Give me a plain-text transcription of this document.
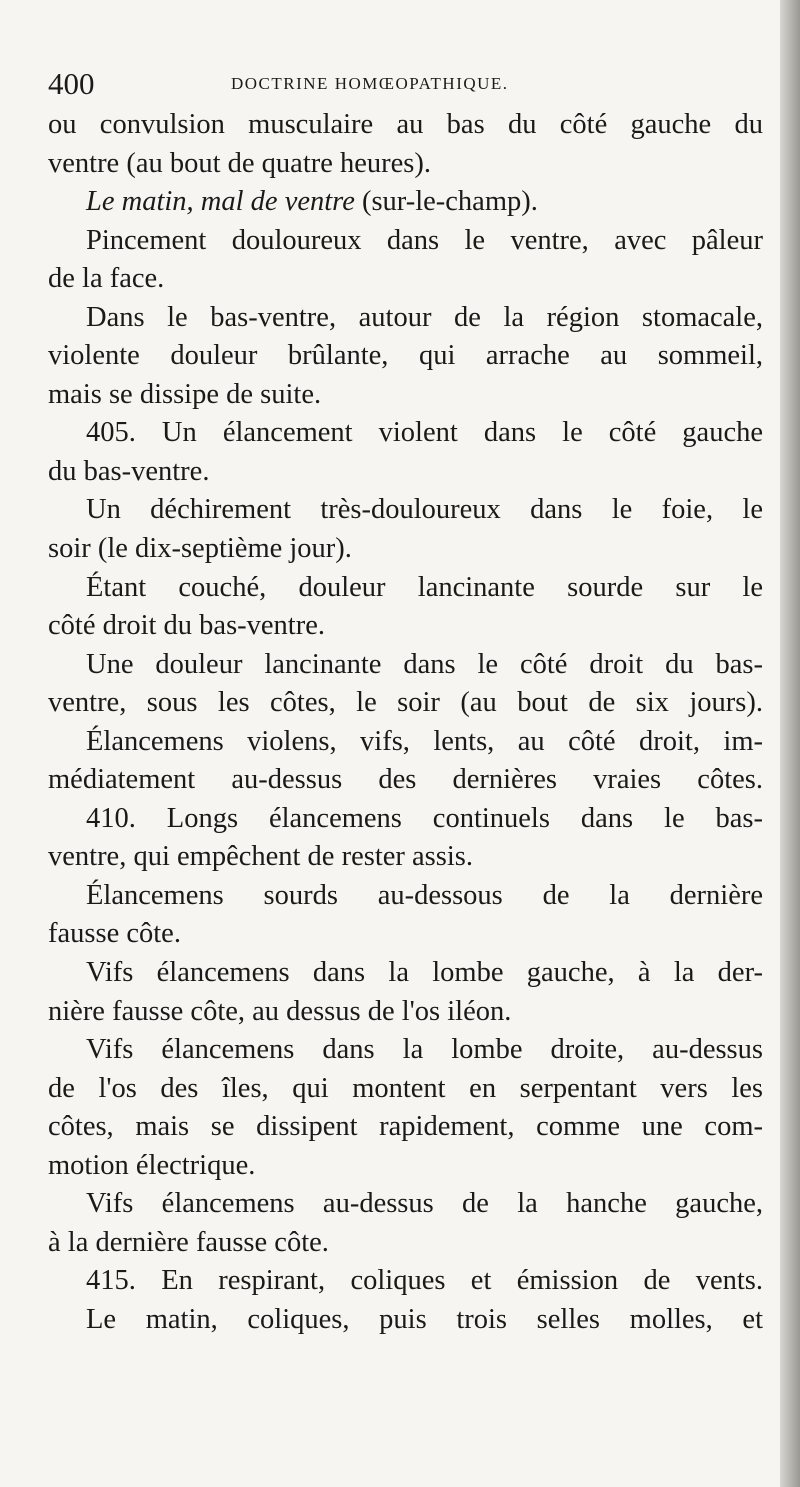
400	DOCTRINE HOMŒOPATHIQUE.
ou convulsion musculaire au bas du côté gauche du
ventre (au bout de quatre heures).
Le matin, mal de ventre (sur-le-champ).
Pincement douloureux dans le ventre, avec pâleur
de la face.
Dans le bas-ventre, autour de la région stomacale,
violente douleur brûlante, qui arrache au sommeil,
mais se dissipe de suite.
405. Un élancement violent dans le côté gauche
du bas-ventre.
Un déchirement très-douloureux dans le foie, le
soir (le dix-septième jour).
Étant couché, douleur lancinante sourde sur le
côté droit du bas-ventre.
Une douleur lancinante dans le côté droit du bas-
ventre, sous les côtes, le soir (au bout de six jours).
Élancemens violens, vifs, lents, au côté droit, im-
médiatement au-dessus des dernières vraies côtes.
410. Longs élancemens continuels dans le bas-
ventre, qui empêchent de rester assis.
Élancemens sourds au-dessous de la dernière
fausse côte.
Vifs élancemens dans la lombe gauche, à la der-
nière fausse côte, au dessus de l'os iléon.
Vifs élancemens dans la lombe droite, au-dessus
de l'os des îles, qui montent en serpentant vers les
côtes, mais se dissipent rapidement, comme une com-
motion électrique.
Vifs élancemens au-dessus de la hanche gauche,
à la dernière fausse côte.
415. En respirant, coliques et émission de vents.
Le matin, coliques, puis trois selles molles, et
